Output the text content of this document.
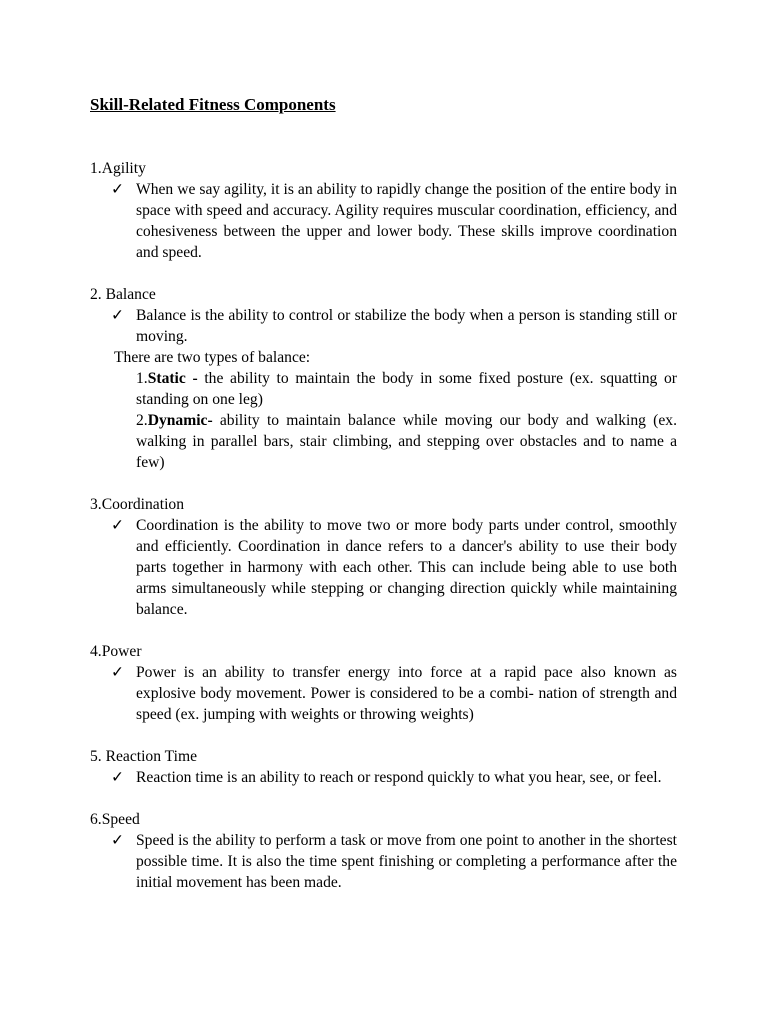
Skill-Related Fitness Components
1.Agility
✓ When we say agility, it is an ability to rapidly change the position of the entire body in space with speed and accuracy. Agility requires muscular coordination, efficiency, and cohesiveness between the upper and lower body. These skills improve coordination and speed.
2. Balance
✓ Balance is the ability to control or stabilize the body when a person is standing still or moving.
There are two types of balance:
1.Static - the ability to maintain the body in some fixed posture (ex. squatting or standing on one leg)
2.Dynamic- ability to maintain balance while moving our body and walking (ex. walking in parallel bars, stair climbing, and stepping over obstacles and to name a few)
3.Coordination
✓ Coordination is the ability to move two or more body parts under control, smoothly and efficiently. Coordination in dance refers to a dancer's ability to use their body parts together in harmony with each other. This can include being able to use both arms simultaneously while stepping or changing direction quickly while maintaining balance.
4.Power
✓ Power is an ability to transfer energy into force at a rapid pace also known as explosive body movement. Power is considered to be a combi- nation of strength and speed (ex. jumping with weights or throwing weights)
5. Reaction Time
✓ Reaction time is an ability to reach or respond quickly to what you hear, see, or feel.
6.Speed
✓ Speed is the ability to perform a task or move from one point to another in the shortest possible time. It is also the time spent finishing or completing a performance after the initial movement has been made.
